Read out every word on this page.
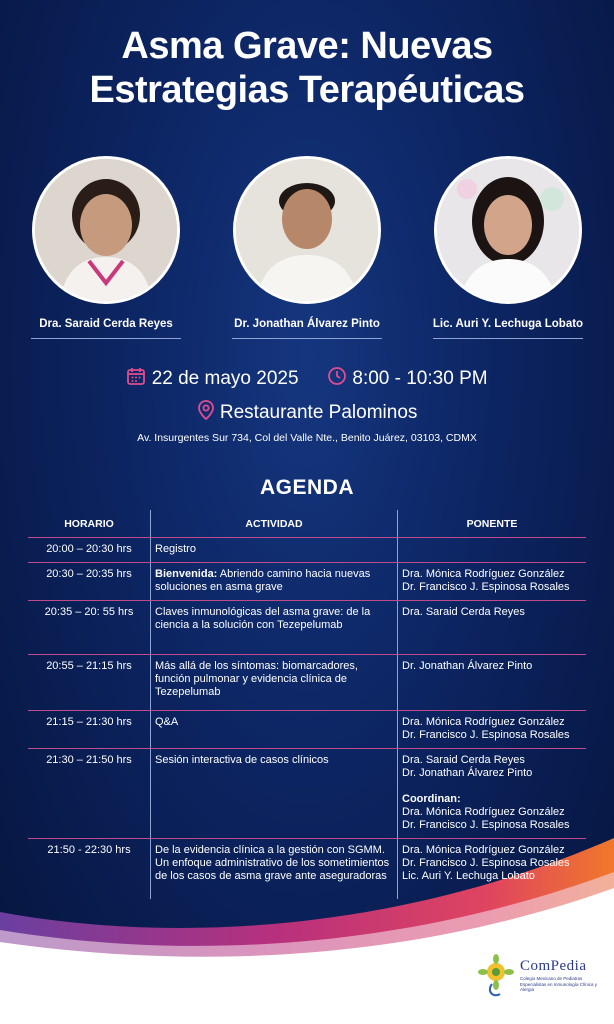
Asma Grave: Nuevas
Estrategias Terapéuticas
Dra. Saraid Cerda Reyes	Dr. Jonathan Álvarez Pinto	Lic. Auri Y. Lechuga Lobato
22 de mayo 2025	8:00 - 10:30 PM
Restaurante Palominos
Av. Insurgentes Sur 734, Col del Valle Nte., Benito Juárez, 03103, CDMX
AGENDA
HORARIO	ACTIVIDAD	PONENTE
20:00 – 20:30 hrs	Registro	

20:30 – 20:35 hrs	Bienvenida: Abriendo camino hacia nuevas soluciones en asma grave	Dra. Mónica Rodríguez González
Dr. Francisco J. Espinosa Rosales

20:35 – 20: 55 hrs	Claves inmunológicas del asma grave: de la ciencia a la solución con Tezepelumab	Dra. Saraid Cerda Reyes

20:55 – 21:15 hrs	Más allá de los síntomas: biomarcadores, función pulmonar y evidencia clínica de Tezepelumab	Dr. Jonathan Álvarez Pinto

21:15 – 21:30 hrs	Q&A	Dra. Mónica Rodríguez González
Dr. Francisco J. Espinosa Rosales

21:30 – 21:50 hrs	Sesión interactiva de casos clínicos	Dra. Saraid Cerda Reyes
Dr. Jonathan Álvarez Pinto
Coordinan:
Dra. Mónica Rodríguez González
Dr. Francisco J. Espinosa Rosales

21:50 - 22:30 hrs	De la evidencia clínica a la gestión con SGMM. Un enfoque administrativo de los sometimientos de los casos de asma grave ante aseguradoras	Dra. Mónica Rodríguez González
Dr. Francisco J. Espinosa Rosales
Lic. Auri Y. Lechuga Lobato
ComPedia
Colegio Mexicano de Pediatras Especialistas en Inmunología Clínica y Alergia
